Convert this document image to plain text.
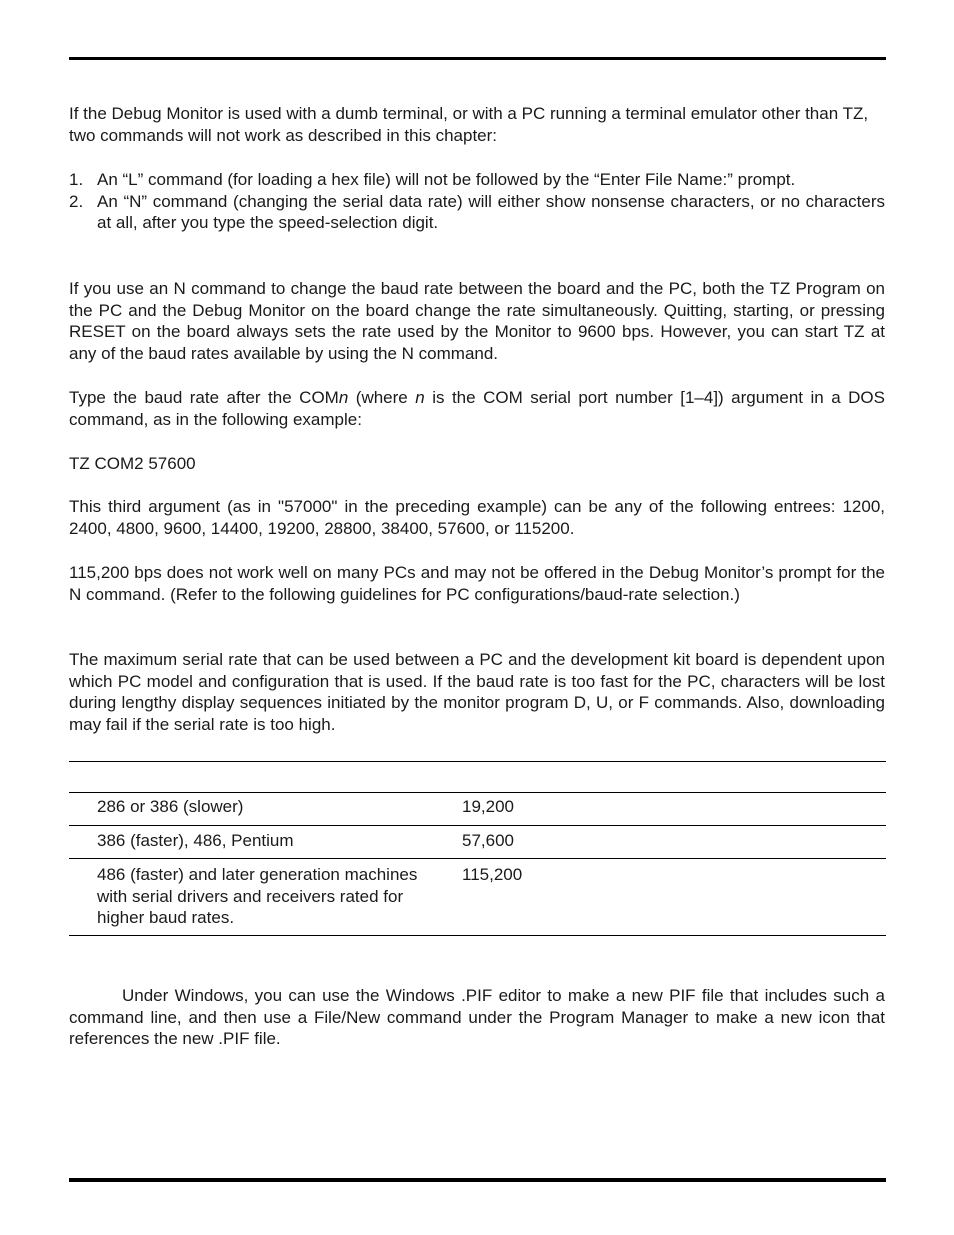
If the Debug Monitor is used with a dumb terminal, or with a PC running a terminal emulator other than TZ, two commands will not work as described in this chapter:

1. An “L” command (for loading a hex file) will not be followed by the “Enter File Name:” prompt.
2. An “N” command (changing the serial data rate) will either show nonsense characters, or no characters at all, after you type the speed-selection digit.

If you use an N command to change the baud rate between the board and the PC, both the TZ Program on the PC and the Debug Monitor on the board change the rate simultaneously. Quitting, starting, or pressing RESET on the board always sets the rate used by the Monitor to 9600 bps. However, you can start TZ at any of the baud rates available by using the N command.

Type the baud rate after the COMn (where n is the COM serial port number [1–4]) argument in a DOS command, as in the following example:

TZ COM2 57600

This third argument (as in "57000" in the preceding example) can be any of the following entrees: 1200, 2400, 4800, 9600, 14400, 19200, 28800, 38400, 57600, or 115200.

115,200 bps does not work well on many PCs and may not be offered in the Debug Monitor’s prompt for the N command. (Refer to the following guidelines for PC configurations/baud-rate selection.)

The maximum serial rate that can be used between a PC and the development kit board is dependent upon which PC model and configuration that is used. If the baud rate is too fast for the PC, characters will be lost during lengthy display sequences initiated by the monitor program D, U, or F commands. Also, downloading may fail if the serial rate is too high.

286 or 386 (slower)	19,200
386 (faster), 486, Pentium	57,600
486 (faster) and later generation machines with serial drivers and receivers rated for higher baud rates.
115,200

Under Windows, you can use the Windows .PIF editor to make a new PIF file that includes such a command line, and then use a File/New command under the Program Manager to make a new icon that references the new .PIF file.
